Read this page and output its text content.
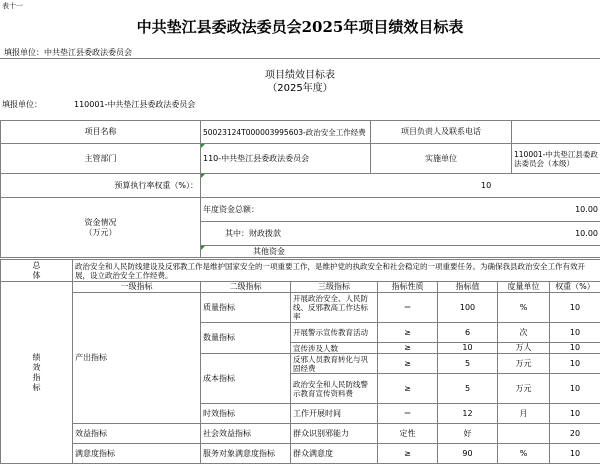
表十一
中共垫江县委政法委员会2025年项目绩效目标表
填报单位：中共垫江县委政法委员会
项目绩效目标表
（2025年度）
填报单位：	110001-中共垫江县委政法委员会
项目名称	50023124T000003995603-政治安全工作经费	项目负责人及联系电话	
主管部门	110-中共垫江县委政法委员会	实施单位	110001-中共垫江县委政法委员会（本级）
预算执行率权重（%）：	10		
资金情况
（万元）	年度资金总额：	10.00

其中：财政拨款	10.00

其他资金
总
体	政治安全和人民防线建设及反邪教工作是维护国家安全的一项重要工作，是维护党的执政安全和社会稳定的一项重要任务。为确保我县政治安全工作有效开展，设立政治安全工作经费。
绩
效
指
标	一级指标	二级指标	三级指标	指标性质	指标值	度量单位	权重（%）
	产出指标	质量指标	开展政治安全、人民防线、反邪教高工作达标率	＝	100	%	10
		数量指标	开展警示宣传教育活动	≥	6	次	10
			宣传涉及人数	≥	10	万人	10
		成本指标	反邪人员教育转化与巩固经费	≥	5	万元	10
			政治安全和人民防线警示教育宣传资料费	≥	5	万元	10
		时效指标	工作开展时间	＝	12	月	10
	效益指标	社会效益指标	群众识别邪能力	定性	好		20
	满意度指标	服务对象满意度指标	群众满意度	≥	90	%	10
